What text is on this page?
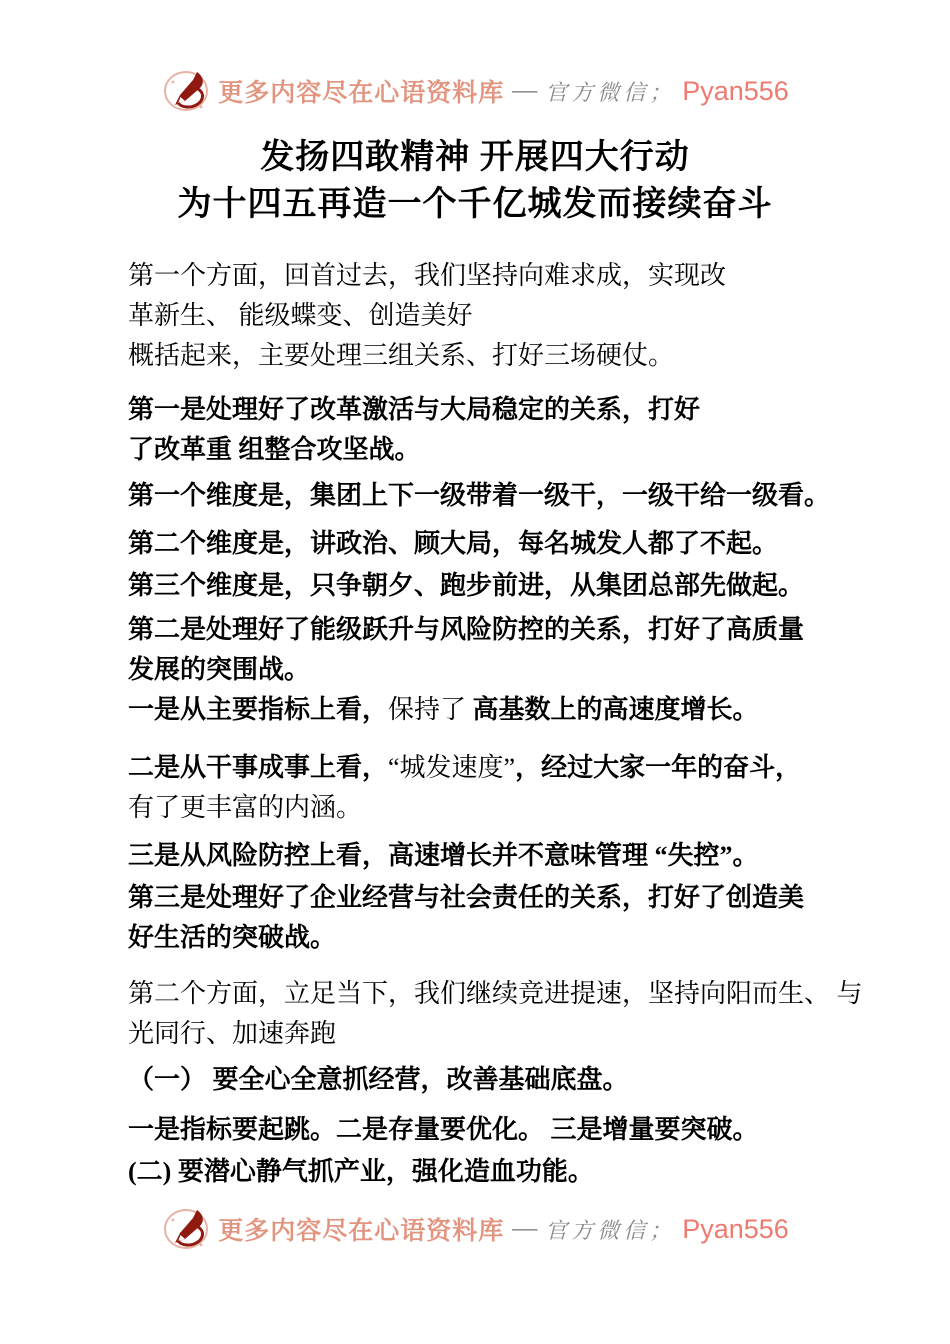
更多内容尽在心语资料库 — 官方微信； Pyan556
发扬四敢精神 开展四大行动
为十四五再造一个千亿城发而接续奋斗

第一个方面，回首过去，我们坚持向难求成，实现改
革新生、 能级蝶变、创造美好
概括起来，主要处理三组关系、打好三场硬仗。

第一是处理好了改革激活与大局稳定的关系，打好
了改革重 组整合攻坚战。

第一个维度是，集团上下一级带着一级干，一级干给一级看。

第二个维度是，讲政治、顾大局，每名城发人都了不起。

第三个维度是，只争朝夕、跑步前进，从集团总部先做起。

第二是处理好了能级跃升与风险防控的关系，打好了高质量
发展的突围战。

一是从主要指标上看，保持了 高基数上的高速度增长。

二是从干事成事上看，“城发速度”，经过大家一年的奋斗，
有了更丰富的内涵。

三是从风险防控上看，高速增长并不意味管理 “失控”。

第三是处理好了企业经营与社会责任的关系，打好了创造美
好生活的突破战。

第二个方面，立足当下，我们继续竞进提速，坚持向阳而生、 与
光同行、加速奔跑

（一） 要全心全意抓经营，改善基础底盘。

一是指标要起跳。二是存量要优化。 三是增量要突破。

(二) 要潜心静气抓产业，强化造血功能。

更多内容尽在心语资料库 — 官方微信； Pyan556
